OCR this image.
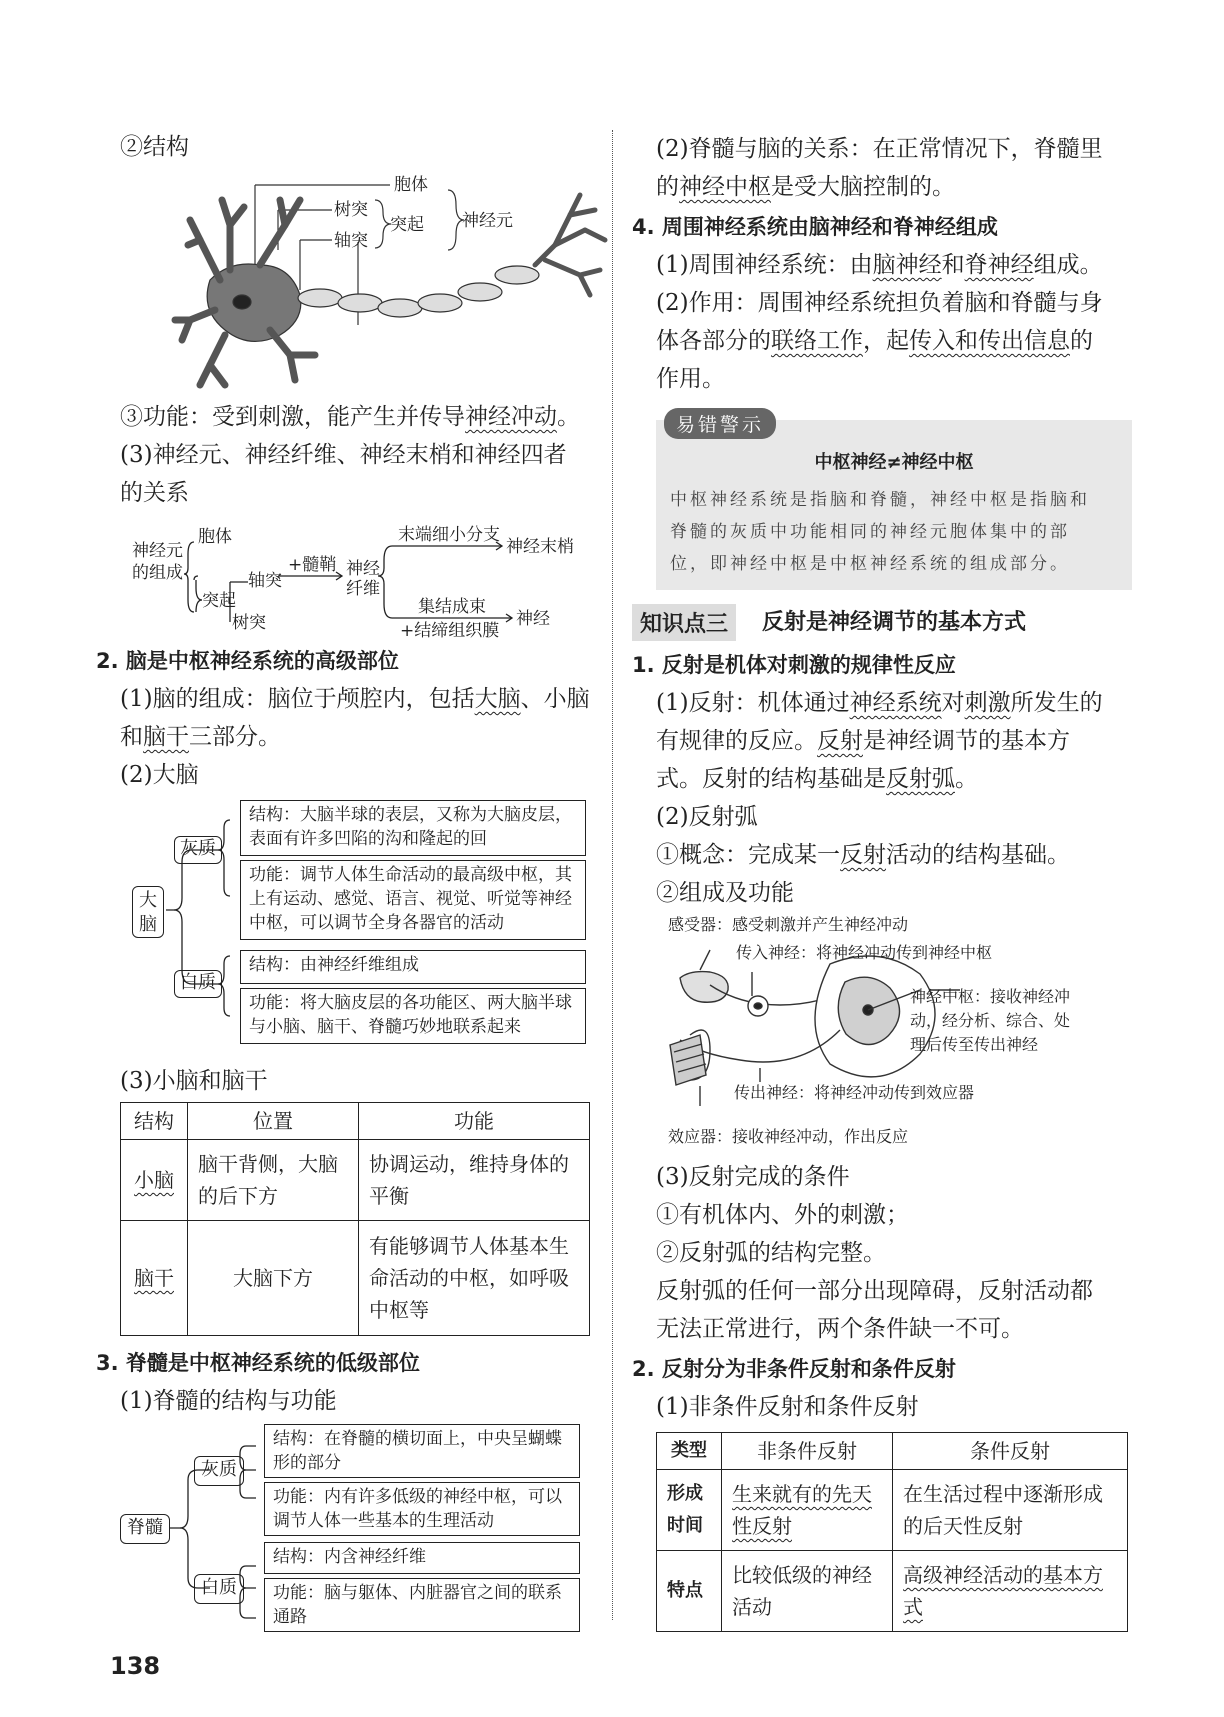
②结构
胞体
树突
突起
轴突
神经元
③功能：受到刺激，能产生并传导神经冲动。
(3)神经元、神经纤维、神经末梢和神经四者
的关系
神经元
的组成
胞体
突起
轴突
树突
+髓鞘 神经
纤维
末端细小分支
神经末梢
集结成束
+结缔组织膜
神经
2. 脑是中枢神经系统的高级部位
(1)脑的组成：脑位于颅腔内，包括大脑、小脑
和脑干三部分。
(2)大脑
大脑
灰质
白质
结构：大脑半球的表层，又称为大脑皮层，表面有许多凹陷的沟和隆起的回
功能：调节人体生命活动的最高级中枢，其上有运动、感觉、语言、视觉、听觉等神经中枢，可以调节全身各器官的活动
结构：由神经纤维组成
功能：将大脑皮层的各功能区、两大脑半球与小脑、脑干、脊髓巧妙地联系起来
(3)小脑和脑干
结构	位置	功能
小脑	脑干背侧，大脑的后下方	协调运动，维持身体的平衡
脑干	大脑下方	有能够调节人体基本生命活动的中枢，如呼吸中枢等
3. 脊髓是中枢神经系统的低级部位
(1)脊髓的结构与功能
脊髓
灰质
白质
结构：在脊髓的横切面上，中央呈蝴蝶形的部分
功能：内有许多低级的神经中枢，可以调节人体一些基本的生理活动
结构：内含神经纤维
功能：脑与躯体、内脏器官之间的联系通路
138
(2)脊髓与脑的关系：在正常情况下，脊髓里
的神经中枢是受大脑控制的。
4. 周围神经系统由脑神经和脊神经组成
(1)周围神经系统：由脑神经和脊神经组成。
(2)作用：周围神经系统担负着脑和脊髓与身
体各部分的联络工作，起传入和传出信息的
作用。
易错警示
中枢神经≠神经中枢
中枢神经系统是指脑和脊髓，神经中枢是指脑和
脊髓的灰质中功能相同的神经元胞体集中的部
位，即神经中枢是中枢神经系统的组成部分。
知识点三	反射是神经调节的基本方式
1. 反射是机体对刺激的规律性反应
(1)反射：机体通过神经系统对刺激所发生的
有规律的反应。反射是神经调节的基本方
式。反射的结构基础是反射弧。
(2)反射弧
①概念：完成某一反射活动的结构基础。
②组成及功能
感受器：感受刺激并产生神经冲动
传入神经：将神经冲动传到神经中枢
神经中枢：接收神经冲
动，经分析、综合、处
理后传至传出神经
传出神经：将神经冲动传到效应器
效应器：接收神经冲动，作出反应
(3)反射完成的条件
①有机体内、外的刺激；
②反射弧的结构完整。
反射弧的任何一部分出现障碍，反射活动都
无法正常进行，两个条件缺一不可。
2. 反射分为非条件反射和条件反射
(1)非条件反射和条件反射
类型	非条件反射	条件反射
形成时间	生来就有的先天性反射	在生活过程中逐渐形成的后天性反射
特点	比较低级的神经活动	高级神经活动的基本方式
